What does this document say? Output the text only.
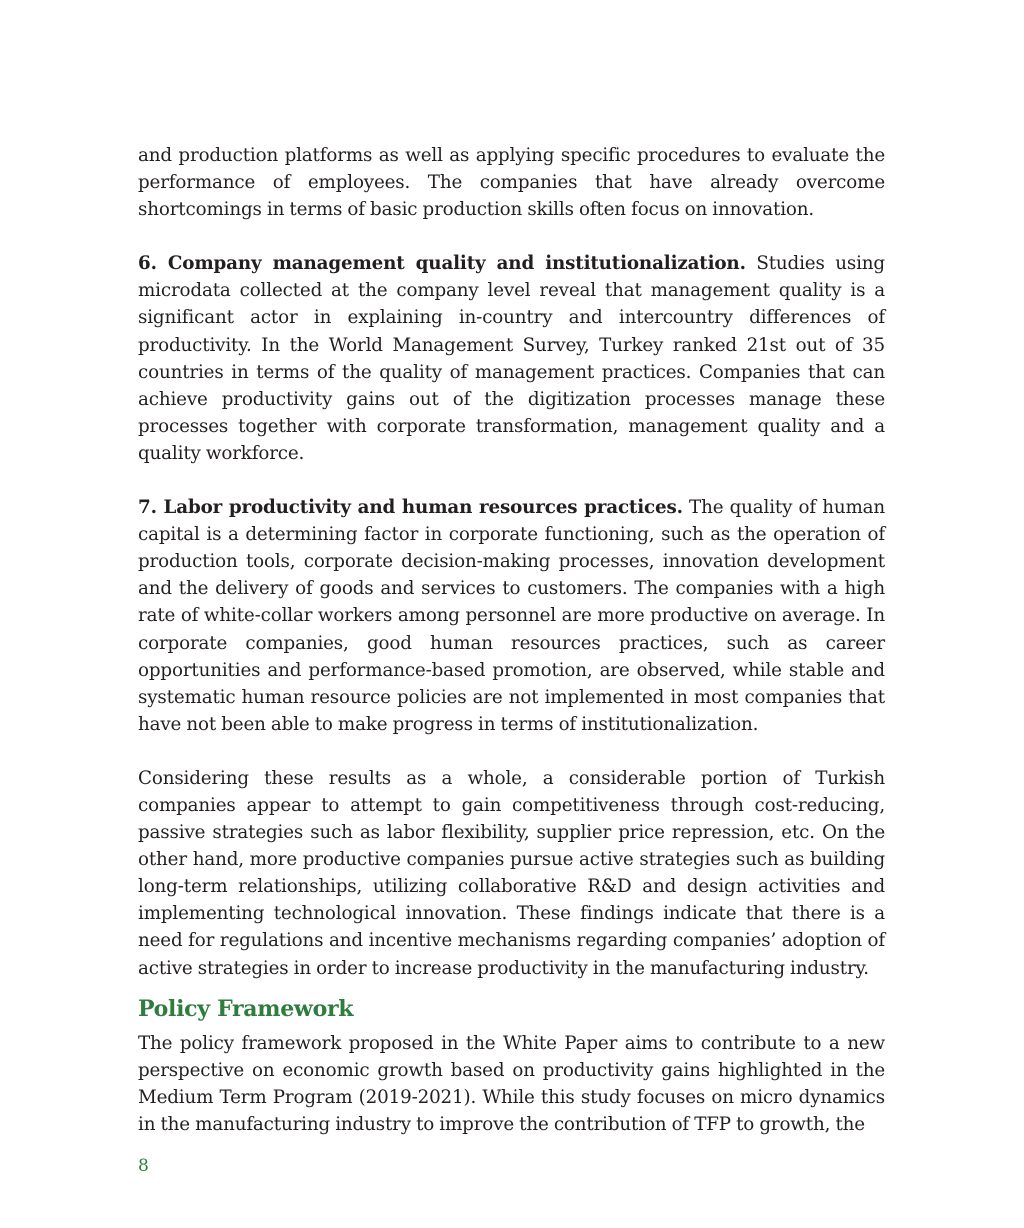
and production platforms as well as applying specific procedures to evaluate the performance of employees. The companies that have already overcome shortcomings in terms of basic production skills often focus on innovation.

6. Company management quality and institutionalization. Studies using microdata collected at the company level reveal that management quality is a significant actor in explaining in-country and intercountry differences of productivity. In the World Management Survey, Turkey ranked 21st out of 35 countries in terms of the quality of management practices. Companies that can achieve productivity gains out of the digitization processes manage these processes together with corporate transformation, management quality and a quality workforce.

7. Labor productivity and human resources practices. The quality of human capital is a determining factor in corporate functioning, such as the operation of production tools, corporate decision-making processes, innovation development and the delivery of goods and services to customers. The companies with a high rate of white-collar workers among personnel are more productive on average. In corporate companies, good human resources practices, such as career opportunities and performance-based promotion, are observed, while stable and systematic human resource policies are not implemented in most companies that have not been able to make progress in terms of institutionalization.

Considering these results as a whole, a considerable portion of Turkish companies appear to attempt to gain competitiveness through cost-reducing, passive strategies such as labor flexibility, supplier price repression, etc. On the other hand, more productive companies pursue active strategies such as building long-term relationships, utilizing collaborative R&D and design activities and implementing technological innovation. These findings indicate that there is a need for regulations and incentive mechanisms regarding companies’ adoption of active strategies in order to increase productivity in the manufacturing industry.

Policy Framework

The policy framework proposed in the White Paper aims to contribute to a new perspective on economic growth based on productivity gains highlighted in the Medium Term Program (2019-2021). While this study focuses on micro dynamics in the manufacturing industry to improve the contribution of TFP to growth, the

8
